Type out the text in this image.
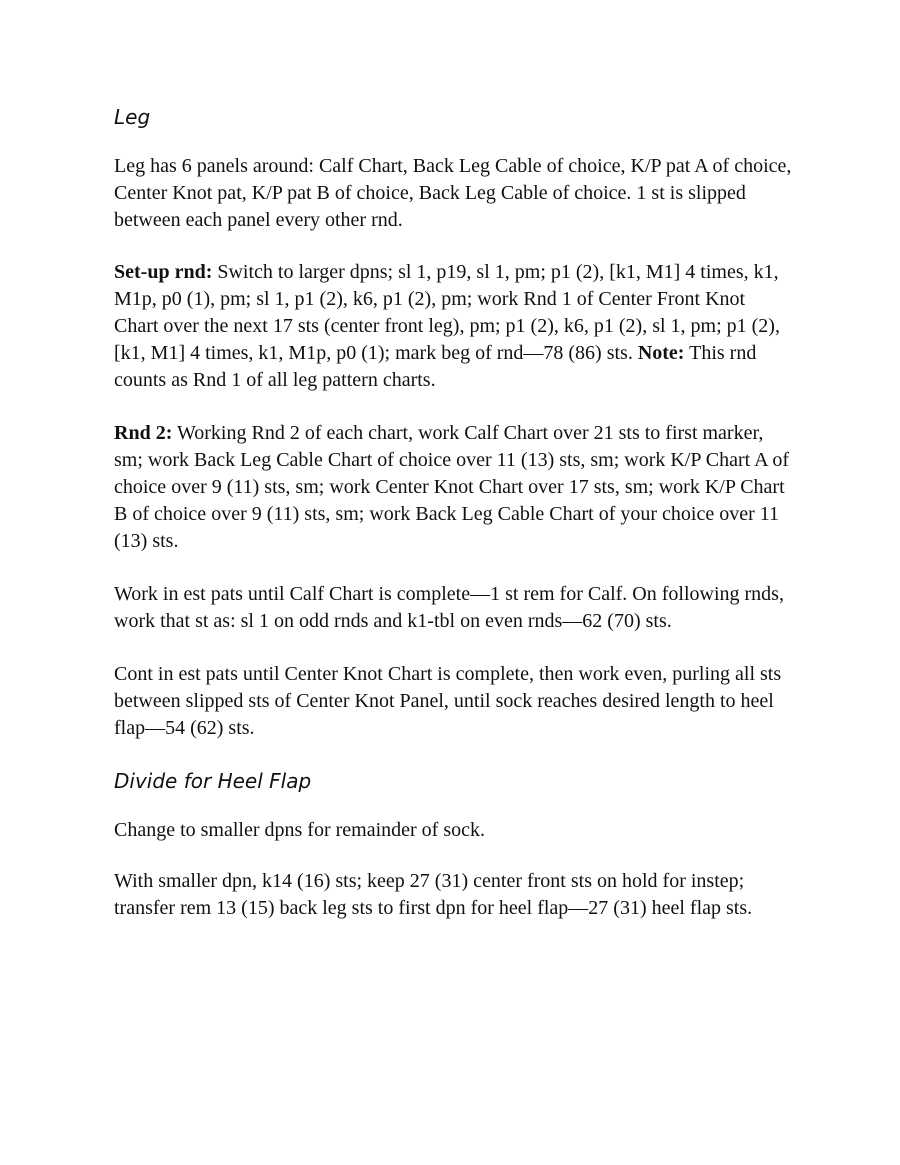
Leg

Leg has 6 panels around: Calf Chart, Back Leg Cable of choice, K/P pat A of choice, Center Knot pat, K/P pat B of choice, Back Leg Cable of choice. 1 st is slipped between each panel every other rnd.

Set-up rnd: Switch to larger dpns; sl 1, p19, sl 1, pm; p1 (2), [k1, M1] 4 times, k1, M1p, p0 (1), pm; sl 1, p1 (2), k6, p1 (2), pm; work Rnd 1 of Center Front Knot Chart over the next 17 sts (center front leg), pm; p1 (2), k6, p1 (2), sl 1, pm; p1 (2), [k1, M1] 4 times, k1, M1p, p0 (1); mark beg of rnd—78 (86) sts. Note: This rnd counts as Rnd 1 of all leg pattern charts.

Rnd 2: Working Rnd 2 of each chart, work Calf Chart over 21 sts to first marker, sm; work Back Leg Cable Chart of choice over 11 (13) sts, sm; work K/P Chart A of choice over 9 (11) sts, sm; work Center Knot Chart over 17 sts, sm; work K/P Chart B of choice over 9 (11) sts, sm; work Back Leg Cable Chart of your choice over 11 (13) sts.

Work in est pats until Calf Chart is complete—1 st rem for Calf. On following rnds, work that st as: sl 1 on odd rnds and k1-tbl on even rnds—62 (70) sts.

Cont in est pats until Center Knot Chart is complete, then work even, purling all sts between slipped sts of Center Knot Panel, until sock reaches desired length to heel flap—54 (62) sts.

Divide for Heel Flap

Change to smaller dpns for remainder of sock.

With smaller dpn, k14 (16) sts; keep 27 (31) center front sts on hold for instep; transfer rem 13 (15) back leg sts to first dpn for heel flap—27 (31) heel flap sts.
